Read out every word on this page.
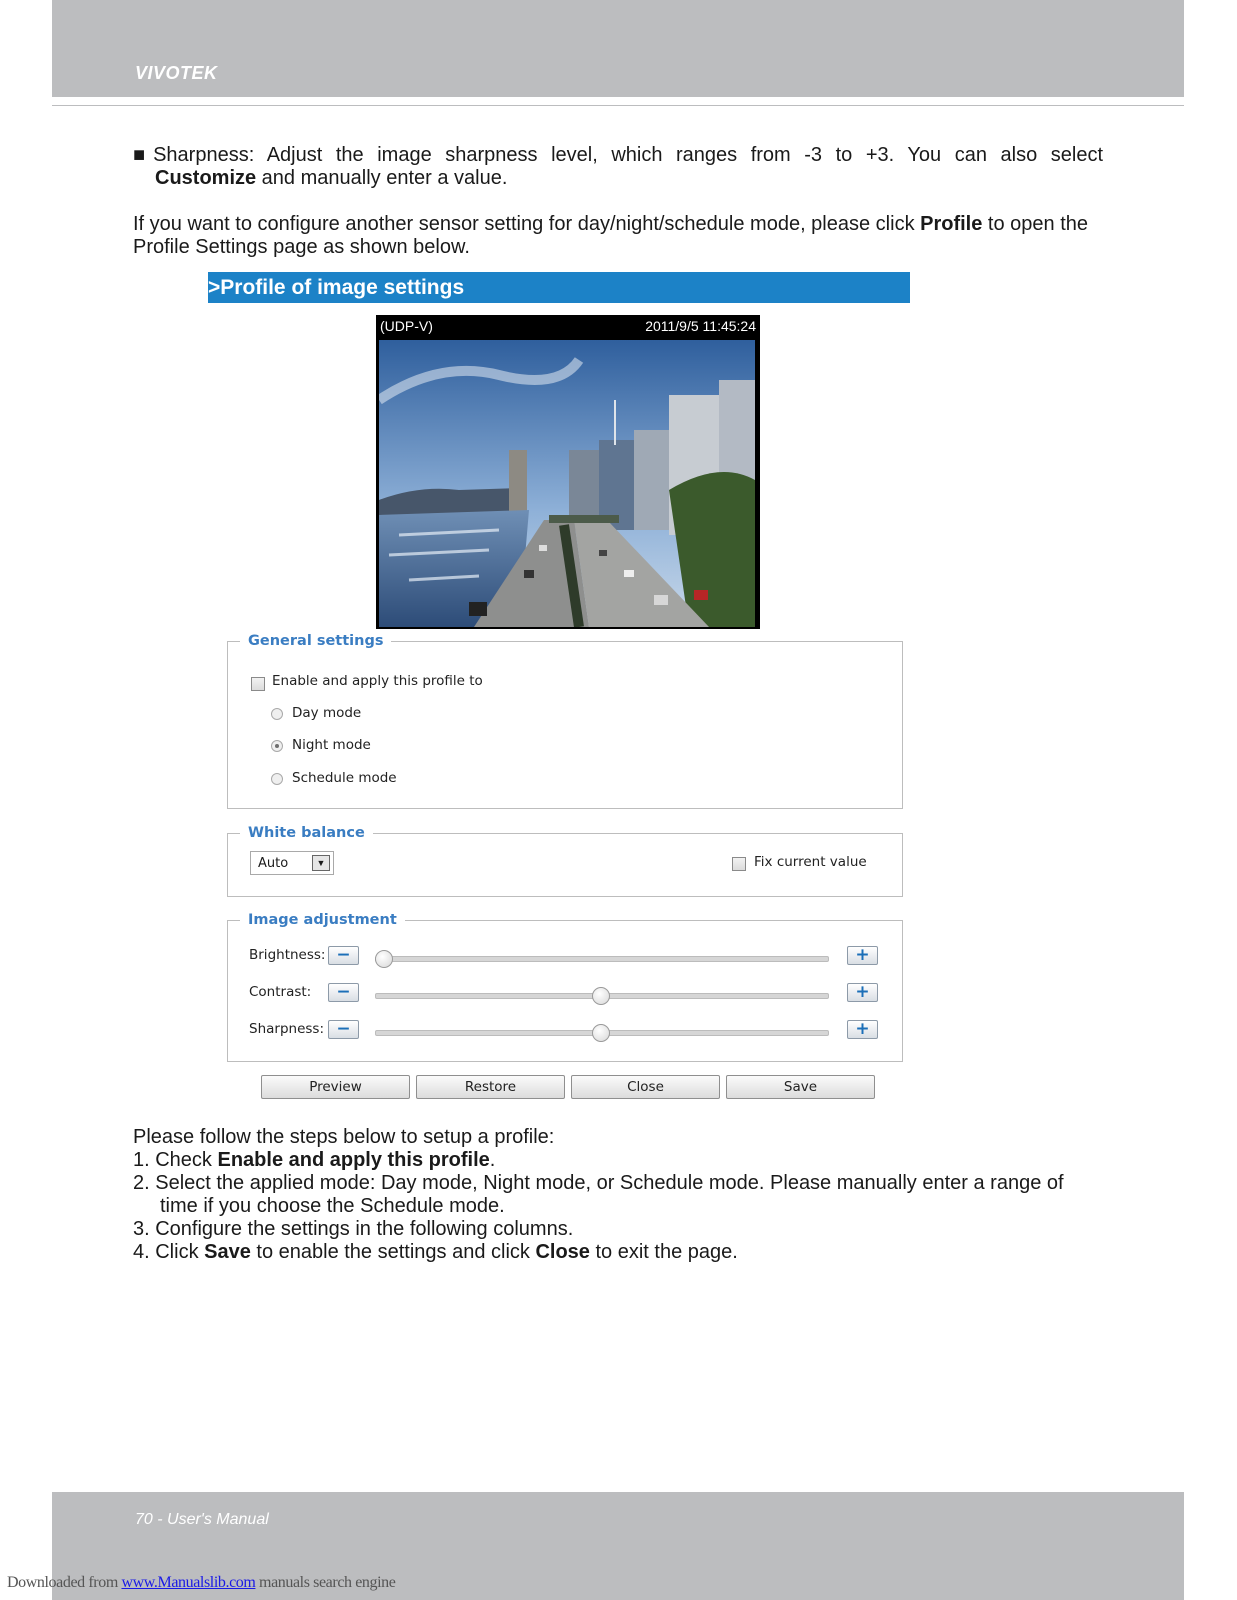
VIVOTEK
■ Sharpness: Adjust the image sharpness level, which ranges from -3 to +3. You can also select
Customize and manually enter a value.
If you want to configure another sensor setting for day/night/schedule mode, please click Profile to open the Profile Settings page as shown below.
>Profile of image settings
(UDP-V)	2011/9/5 11:45:24
General settings
Enable and apply this profile to
Day mode
Night mode
Schedule mode
White balance
Auto	▼	Fix current value
Image adjustment
Brightness: −	+
Contrast:	−	+
Sharpness: −	+
Preview	Restore	Close	Save
Please follow the steps below to setup a profile:
1. Check Enable and apply this profile.
2. Select the applied mode: Day mode, Night mode, or Schedule mode. Please manually enter a range of
time if you choose the Schedule mode.
3. Configure the settings in the following columns.
4. Click Save to enable the settings and click Close to exit the page.
70 - User's Manual
Downloaded from www.Manualslib.com manuals search engine
